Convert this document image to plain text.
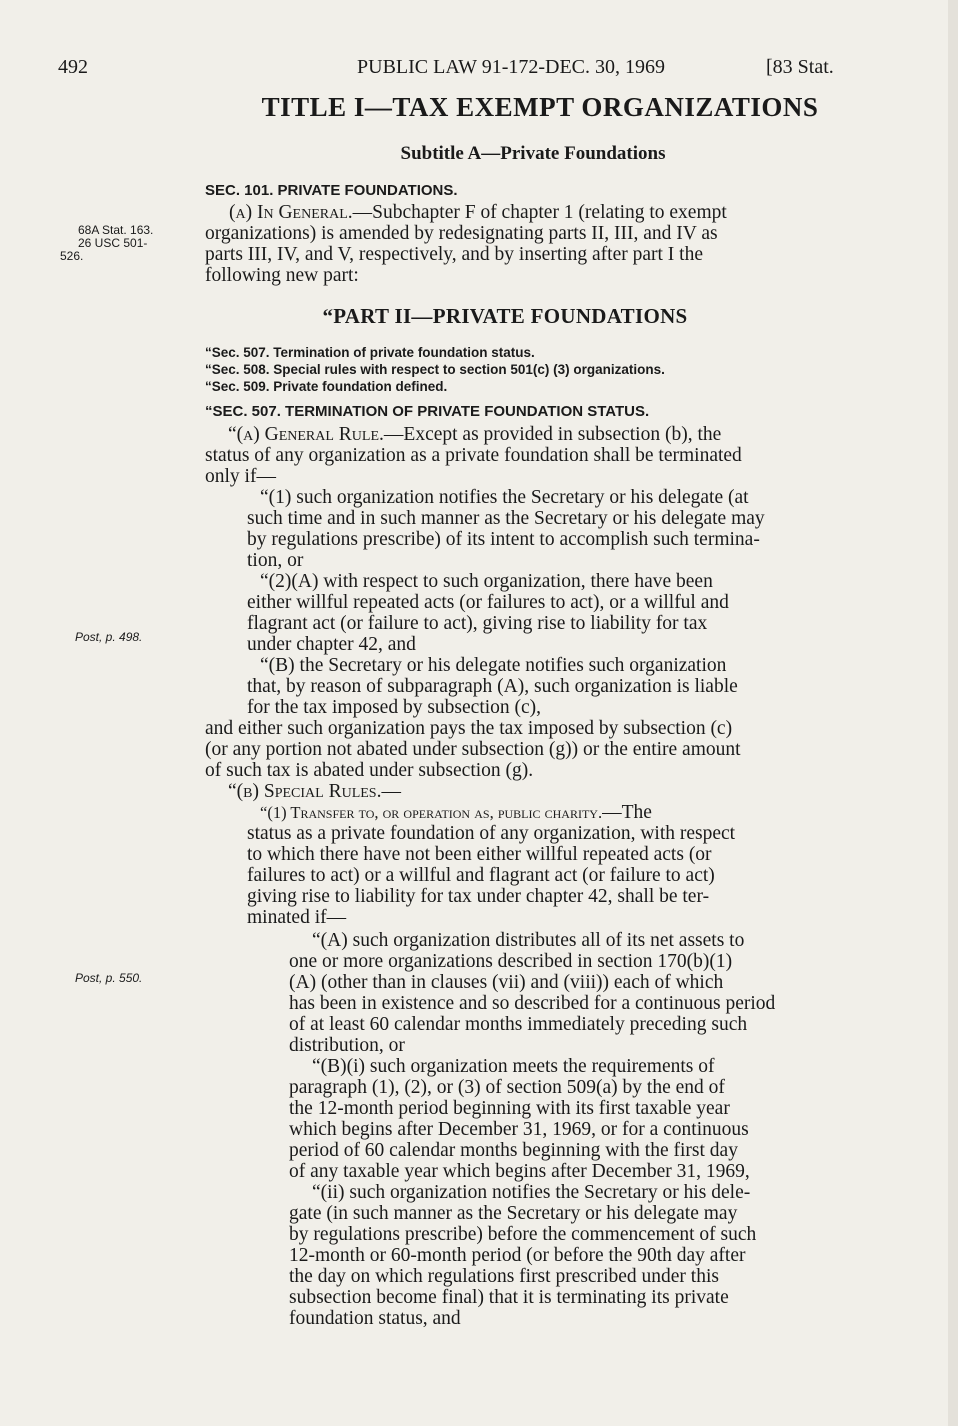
492	PUBLIC LAW 91-172-DEC. 30, 1969	[83 Stat.
TITLE I—TAX EXEMPT ORGANIZATIONS
Subtitle A—Private Foundations
SEC. 101. PRIVATE FOUNDATIONS.
68A Stat. 163.
26 USC 501-
526.
Post, p. 498.
Post, p. 550.
(a) In General.—Subchapter F of chapter 1 (relating to exempt
organizations) is amended by redesignating parts II, III, and IV as
parts III, IV, and V, respectively, and by inserting after part I the
following new part:
“PART II—PRIVATE FOUNDATIONS
“Sec. 507. Termination of private foundation status.
“Sec. 508. Special rules with respect to section 501(c) (3) organizations.
“Sec. 509. Private foundation defined.
“SEC. 507. TERMINATION OF PRIVATE FOUNDATION STATUS.
“(a) General Rule.—Except as provided in subsection (b), the
status of any organization as a private foundation shall be terminated
only if—
“(1) such organization notifies the Secretary or his delegate (at
such time and in such manner as the Secretary or his delegate may
by regulations prescribe) of its intent to accomplish such termina-
tion, or
“(2)(A) with respect to such organization, there have been
either willful repeated acts (or failures to act), or a willful and
flagrant act (or failure to act), giving rise to liability for tax
under chapter 42, and
“(B) the Secretary or his delegate notifies such organization
that, by reason of subparagraph (A), such organization is liable
for the tax imposed by subsection (c),
and either such organization pays the tax imposed by subsection (c)
(or any portion not abated under subsection (g)) or the entire amount
of such tax is abated under subsection (g).
“(b) Special Rules.—
“(1) Transfer to, or operation as, public charity.—The
status as a private foundation of any organization, with respect
to which there have not been either willful repeated acts (or
failures to act) or a willful and flagrant act (or failure to act)
giving rise to liability for tax under chapter 42, shall be ter-
minated if—
“(A) such organization distributes all of its net assets to
one or more organizations described in section 170(b)(1)
(A) (other than in clauses (vii) and (viii)) each of which
has been in existence and so described for a continuous period
of at least 60 calendar months immediately preceding such
distribution, or
“(B)(i) such organization meets the requirements of
paragraph (1), (2), or (3) of section 509(a) by the end of
the 12-month period beginning with its first taxable year
which begins after December 31, 1969, or for a continuous
period of 60 calendar months beginning with the first day
of any taxable year which begins after December 31, 1969,
“(ii) such organization notifies the Secretary or his dele-
gate (in such manner as the Secretary or his delegate may
by regulations prescribe) before the commencement of such
12-month or 60-month period (or before the 90th day after
the day on which regulations first prescribed under this
subsection become final) that it is terminating its private
foundation status, and
